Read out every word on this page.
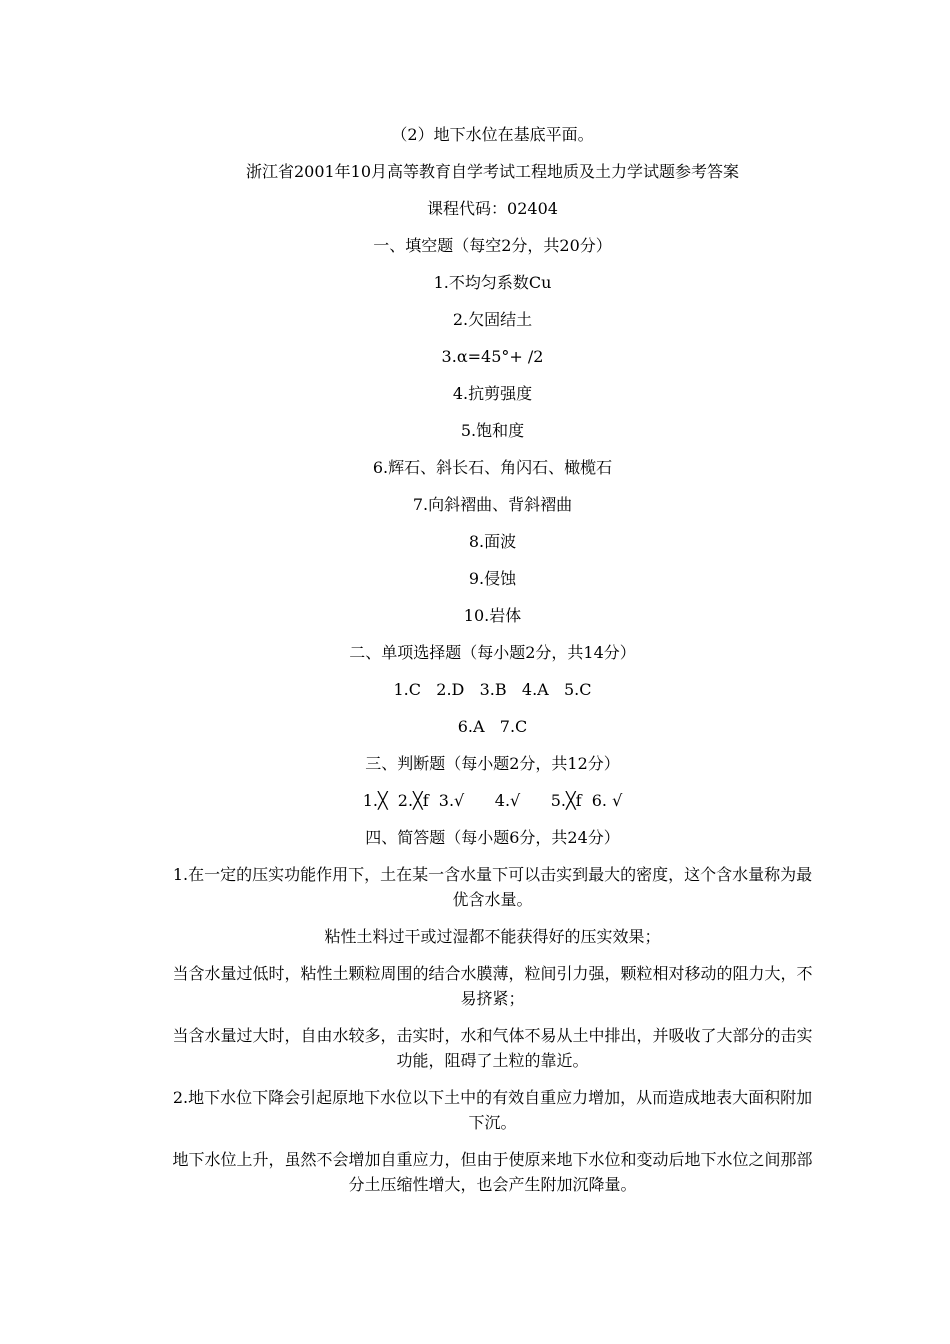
（2）地下水位在基底平面。
浙江省2001年10月高等教育自学考试工程地质及土力学试题参考答案
课程代码：02404
一、填空题（每空2分，共20分）
1.不均匀系数Cu
2.欠固结土
3.α=45°+ /2
4.抗剪强度
5.饱和度
6.辉石、斜长石、角闪石、橄榄石
7.向斜褶曲、背斜褶曲
8.面波
9.侵蚀
10.岩体
二、单项选择题（每小题2分，共14分）
1.C   2.D   3.B   4.A   5.C
6.A   7.C
三、判断题（每小题2分，共12分）
1.╳  2.╳f  3.√      4.√      5.╳f  6. √
四、简答题（每小题6分，共24分）
1.在一定的压实功能作用下，土在某一含水量下可以击实到最大的密度，这个含水量称为最优含水量。
粘性土料过干或过湿都不能获得好的压实效果；
当含水量过低时，粘性土颗粒周围的结合水膜薄，粒间引力强，颗粒相对移动的阻力大，不易挤紧；
当含水量过大时，自由水较多，击实时，水和气体不易从土中排出，并吸收了大部分的击实功能，阻碍了土粒的靠近。
2.地下水位下降会引起原地下水位以下土中的有效自重应力增加，从而造成地表大面积附加下沉。
地下水位上升，虽然不会增加自重应力，但由于使原来地下水位和变动后地下水位之间那部分土压缩性增大，也会产生附加沉降量。
